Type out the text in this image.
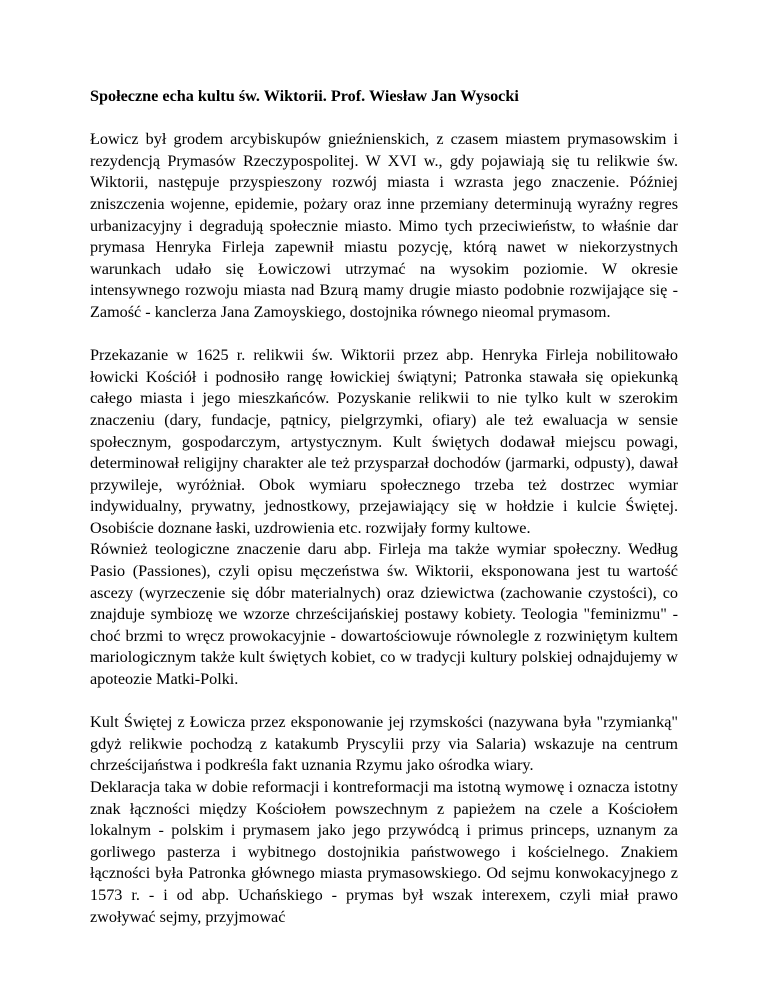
Społeczne echa kultu św. Wiktorii. Prof. Wiesław Jan Wysocki

Łowicz był grodem arcybiskupów gnieźnienskich, z czasem miastem prymasowskim i rezydencją Prymasów Rzeczypospolitej. W XVI w., gdy pojawiają się tu relikwie św. Wiktorii, następuje przyspieszony rozwój miasta i wzrasta jego znaczenie. Później zniszczenia wojenne, epidemie, pożary oraz inne przemiany determinują wyraźny regres urbanizacyjny i degradują społecznie miasto. Mimo tych przeciwieństw, to właśnie dar prymasa Henryka Firleja zapewnił miastu pozycję, którą nawet w niekorzystnych warunkach udało się Łowiczowi utrzymać na wysokim poziomie. W okresie intensywnego rozwoju miasta nad Bzurą mamy drugie miasto podobnie rozwijające się - Zamość - kanclerza Jana Zamoyskiego, dostojnika równego nieomal prymasom.

Przekazanie w 1625 r. relikwii św. Wiktorii przez abp. Henryka Firleja nobilitowało łowicki Kościół i podnosiło rangę łowickiej świątyni; Patronka stawała się opiekunką całego miasta i jego mieszkańców. Pozyskanie relikwii to nie tylko kult w szerokim znaczeniu (dary, fundacje, pątnicy, pielgrzymki, ofiary) ale też ewaluacja w sensie społecznym, gospodarczym, artystycznym. Kult świętych dodawał miejscu powagi, determinował religijny charakter ale też przysparzał dochodów (jarmarki, odpusty), dawał przywileje, wyróżniał. Obok wymiaru społecznego trzeba też dostrzec wymiar indywidualny, prywatny, jednostkowy, przejawiający się w hołdzie i kulcie Świętej. Osobiście doznane łaski, uzdrowienia etc. rozwijały formy kultowe.

Również teologiczne znaczenie daru abp. Firleja ma także wymiar społeczny. Według Pasio (Passiones), czyli opisu męczeństwa św. Wiktorii, eksponowana jest tu wartość ascezy (wyrzeczenie się dóbr materialnych) oraz dziewictwa (zachowanie czystości), co znajduje symbiozę we wzorze chrześcijańskiej postawy kobiety. Teologia "feminizmu" - choć brzmi to wręcz prowokacyjnie - dowartościowuje równolegle z rozwiniętym kultem mariologicznym także kult świętych kobiet, co w tradycji kultury polskiej odnajdujemy w apoteozie Matki-Polki.

Kult Świętej z Łowicza przez eksponowanie jej rzymskości (nazywana była "rzymianką" gdyż relikwie pochodzą z katakumb Pryscylii przy via Salaria) wskazuje na centrum chrześcijaństwa i podkreśla fakt uznania Rzymu jako ośrodka wiary.

Deklaracja taka w dobie reformacji i kontreformacji ma istotną wymowę i oznacza istotny znak łączności między Kościołem powszechnym z papieżem na czele a Kościołem lokalnym - polskim i prymasem jako jego przywódcą i primus princeps, uznanym za gorliwego pasterza i wybitnego dostojnikia państwowego i kościelnego. Znakiem łączności była Patronka głównego miasta prymasowskiego. Od sejmu konwokacyjnego z 1573 r. - i od abp. Uchańskiego - prymas był wszak interexem, czyli miał prawo zwoływać sejmy, przyjmować
